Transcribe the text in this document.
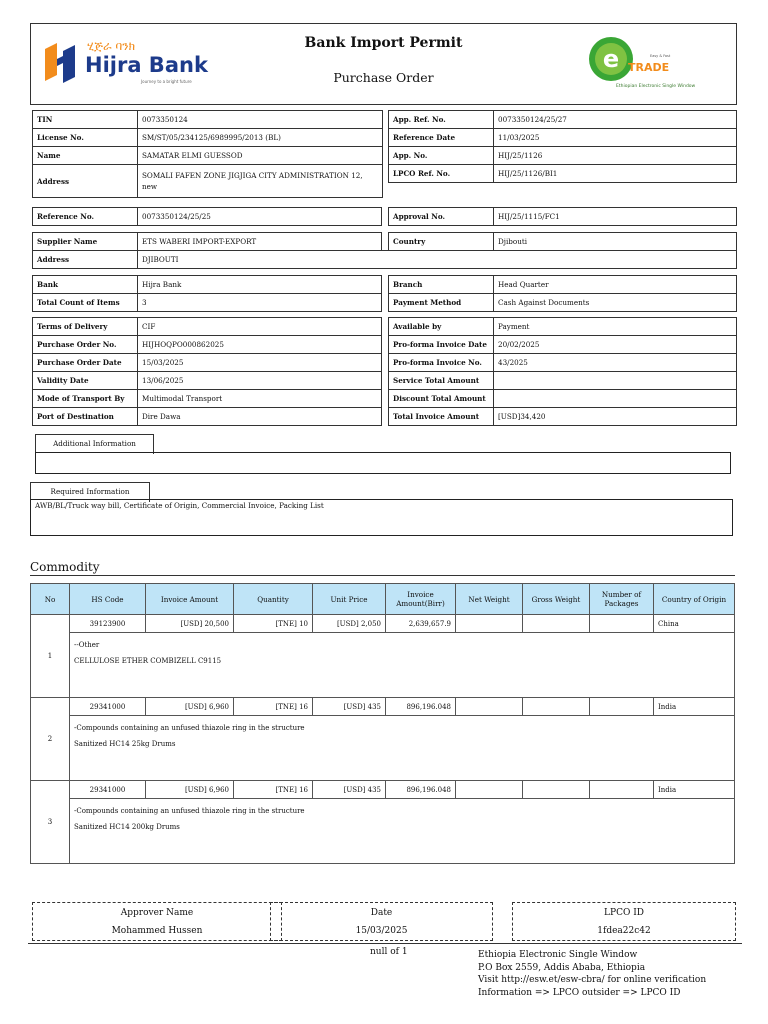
ሂጅራ ባንክ
Hijra Bank
Journey to a bright future
Bank Import Permit
Purchase Order
e TRADE
Easy & Fast
Ethiopian Electronic Single Window
TIN	0073350124
License No.	SM/ST/05/234125/6989995/2013 (BL)
Name	SAMATAR ELMI GUESSOD
Address	SOMALI FAFEN ZONE JIGJIGA CITY ADMINISTRATION 12, new
App. Ref. No.	0073350124/25/27
Reference Date	11/03/2025
App. No.	HIJ/25/1126
LPCO Ref. No.	HIJ/25/1126/BI1
Reference No.	0073350124/25/25	Approval No.	HIJ/25/1115/FC1
Supplier Name	ETS WABERI IMPORT-EXPORT	Country	Djibouti
Address	DJIBOUTI
Bank	Hijra Bank
Total Count of Items	3
Branch	Head Quarter
Payment Method	Cash Against Documents
Terms of Delivery	CIF
Purchase Order No.	HIJHOQPO000862025
Purchase Order Date	15/03/2025
Validity Date	13/06/2025
Mode of Transport By	Multimodal Transport
Port of Destination	Dire Dawa
Available by	Payment
Pro-forma Invoice Date	20/02/2025
Pro-forma Invoice No.	43/2025
Service Total Amount	
Discount Total Amount	
Total Invoice Amount	[USD]34,420
Additional Information
Required Information
AWB/BL/Truck way bill, Certificate of Origin, Commercial Invoice, Packing List
Commodity
No	HS Code	Invoice Amount	Quantity	Unit Price	Invoice Amount(Birr)	Net Weight	Gross Weight	Number of Packages	Country of Origin
1	39123900	[USD] 20,500	[TNE] 10	[USD] 2,050	2,639,657.9				China

	--Other
CELLULOSE ETHER COMBIZELL C9115								

2	29341000	[USD] 6,960	[TNE] 16	[USD] 435	896,196.048				India

	-Compounds containing an unfused thiazole ring in the structure
Sanitized HC14 25kg Drums								

3	29341000	[USD] 6,960	[TNE] 16	[USD] 435	896,196.048				India

	-Compounds containing an unfused thiazole ring in the structure
Sanitized HC14 200kg Drums								
Approver Name
Mohammed Hussen
Date
15/03/2025
LPCO ID
1fdea22c42
null of 1	Ethiopia Electronic Single Window
P.O Box 2559, Addis Ababa, Ethiopia
Visit http://esw.et/esw-cbra/ for online verification
Information => LPCO outsider => LPCO ID
